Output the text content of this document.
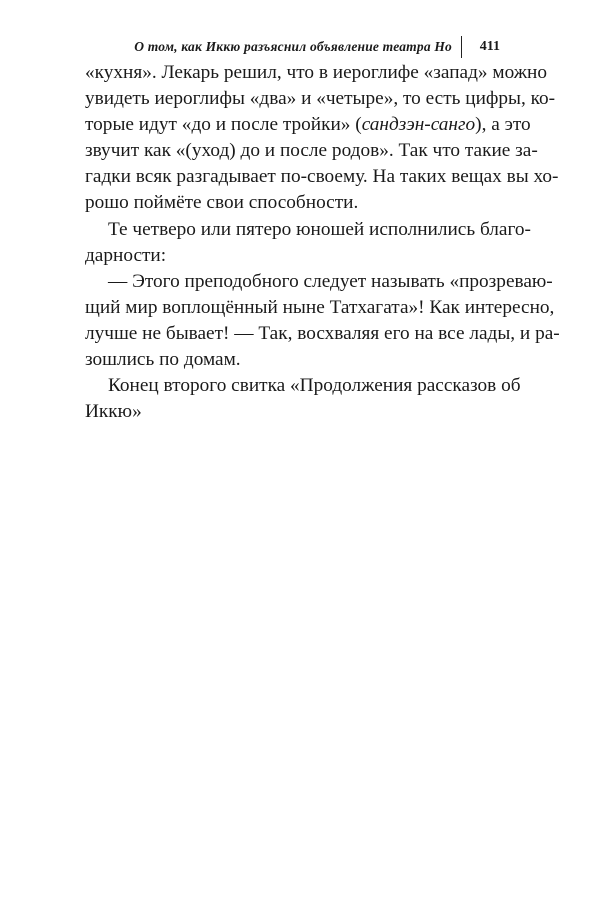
О том, как Иккю разъяснил объявление театра Но 411
«кухня». Лекарь решил, что в иероглифе «запад» можно
увидеть иероглифы «два» и «четыре», то есть цифры, ко-
торые идут «до и после тройки» (сандзэн-санго), а это
звучит как «(уход) до и после родов». Так что такие за-
гадки всяк разгадывает по-своему. На таких вещах вы хо-
рошо поймёте свои способности.
Те четверо или пятеро юношей исполнились благо-
дарности:
— Этого преподобного следует называть «прозреваю-
щий мир воплощённый ныне Татхагата»! Как интересно,
лучше не бывает! — Так, восхваляя его на все лады, и ра-
зошлись по домам.
Конец второго свитка «Продолжения рассказов об
Иккю»
